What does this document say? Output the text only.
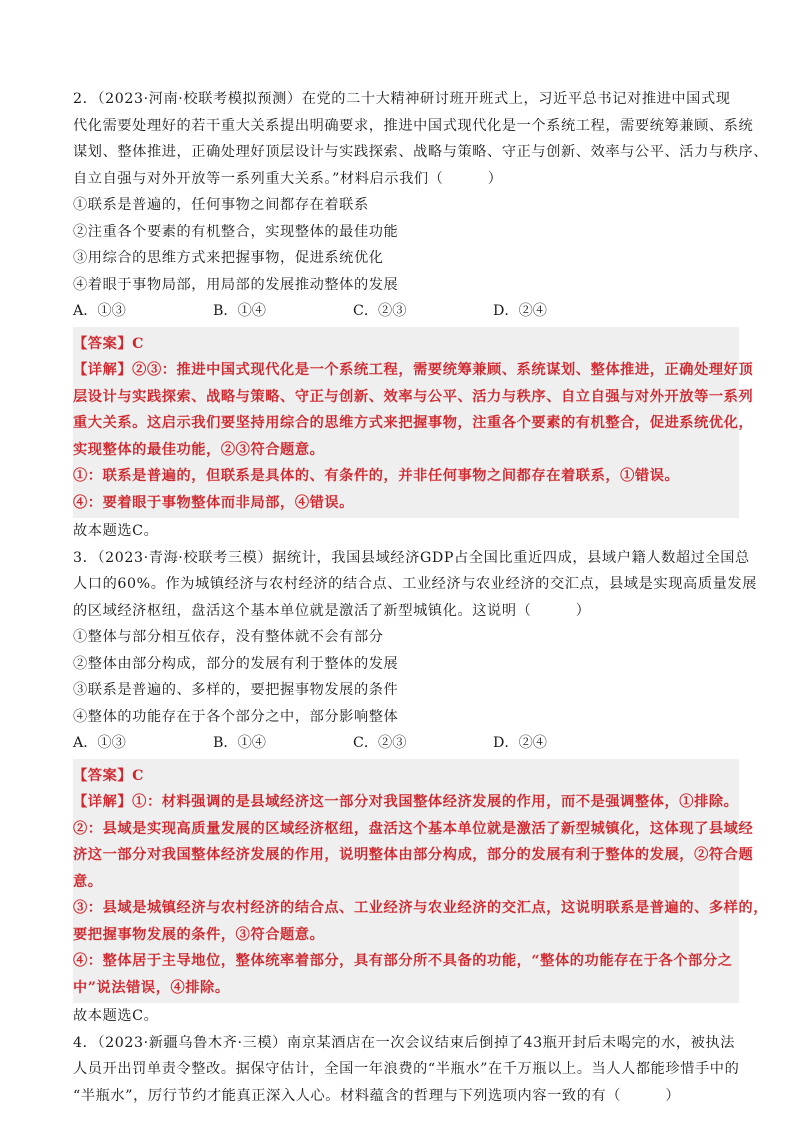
2．（2023·河南·校联考模拟预测）在党的二十大精神研讨班开班式上，习近平总书记对推进中国式现
代化需要处理好的若干重大关系提出明确要求，推进中国式现代化是一个系统工程，需要统筹兼顾、系统
谋划、整体推进，正确处理好顶层设计与实践探索、战略与策略、守正与创新、效率与公平、活力与秩序、
自立自强与对外开放等一系列重大关系。”材料启示我们（　　　）
①联系是普遍的，任何事物之间都存在着联系
②注重各个要素的有机整合，实现整体的最佳功能
③用综合的思维方式来把握事物，促进系统优化
④着眼于事物局部，用局部的发展推动整体的发展
A．①③	B．①④	C．②③	D．②④
【答案】C
【详解】②③：推进中国式现代化是一个系统工程，需要统筹兼顾、系统谋划、整体推进，正确处理好顶
层设计与实践探索、战略与策略、守正与创新、效率与公平、活力与秩序、自立自强与对外开放等一系列
重大关系。这启示我们要坚持用综合的思维方式来把握事物，注重各个要素的有机整合，促进系统优化，
实现整体的最佳功能，②③符合题意。
①：联系是普遍的，但联系是具体的、有条件的，并非任何事物之间都存在着联系，①错误。
④：要着眼于事物整体而非局部，④错误。
故本题选C。
3．（2023·青海·校联考三模）据统计，我国县域经济GDP占全国比重近四成，县域户籍人数超过全国总
人口的60%。作为城镇经济与农村经济的结合点、工业经济与农业经济的交汇点，县域是实现高质量发展
的区域经济枢纽，盘活这个基本单位就是激活了新型城镇化。这说明（　　　）
①整体与部分相互依存，没有整体就不会有部分
②整体由部分构成，部分的发展有利于整体的发展
③联系是普遍的、多样的，要把握事物发展的条件
④整体的功能存在于各个部分之中，部分影响整体
A．①③	B．①④	C．②③	D．②④
【答案】C
【详解】①：材料强调的是县域经济这一部分对我国整体经济发展的作用，而不是强调整体，①排除。
②：县域是实现高质量发展的区域经济枢纽，盘活这个基本单位就是激活了新型城镇化，这体现了县域经
济这一部分对我国整体经济发展的作用，说明整体由部分构成，部分的发展有利于整体的发展，②符合题
意。
③：县域是城镇经济与农村经济的结合点、工业经济与农业经济的交汇点，这说明联系是普遍的、多样的，
要把握事物发展的条件，③符合题意。
④：整体居于主导地位，整体统率着部分，具有部分所不具备的功能，“整体的功能存在于各个部分之
中”说法错误，④排除。
故本题选C。
4．（2023·新疆乌鲁木齐·三模）南京某酒店在一次会议结束后倒掉了43瓶开封后未喝完的水，被执法
人员开出罚单责令整改。据保守估计，全国一年浪费的“半瓶水”在千万瓶以上。当人人都能珍惜手中的
“半瓶水”，厉行节约才能真正深入人心。材料蕴含的哲理与下列选项内容一致的有（　　　）
